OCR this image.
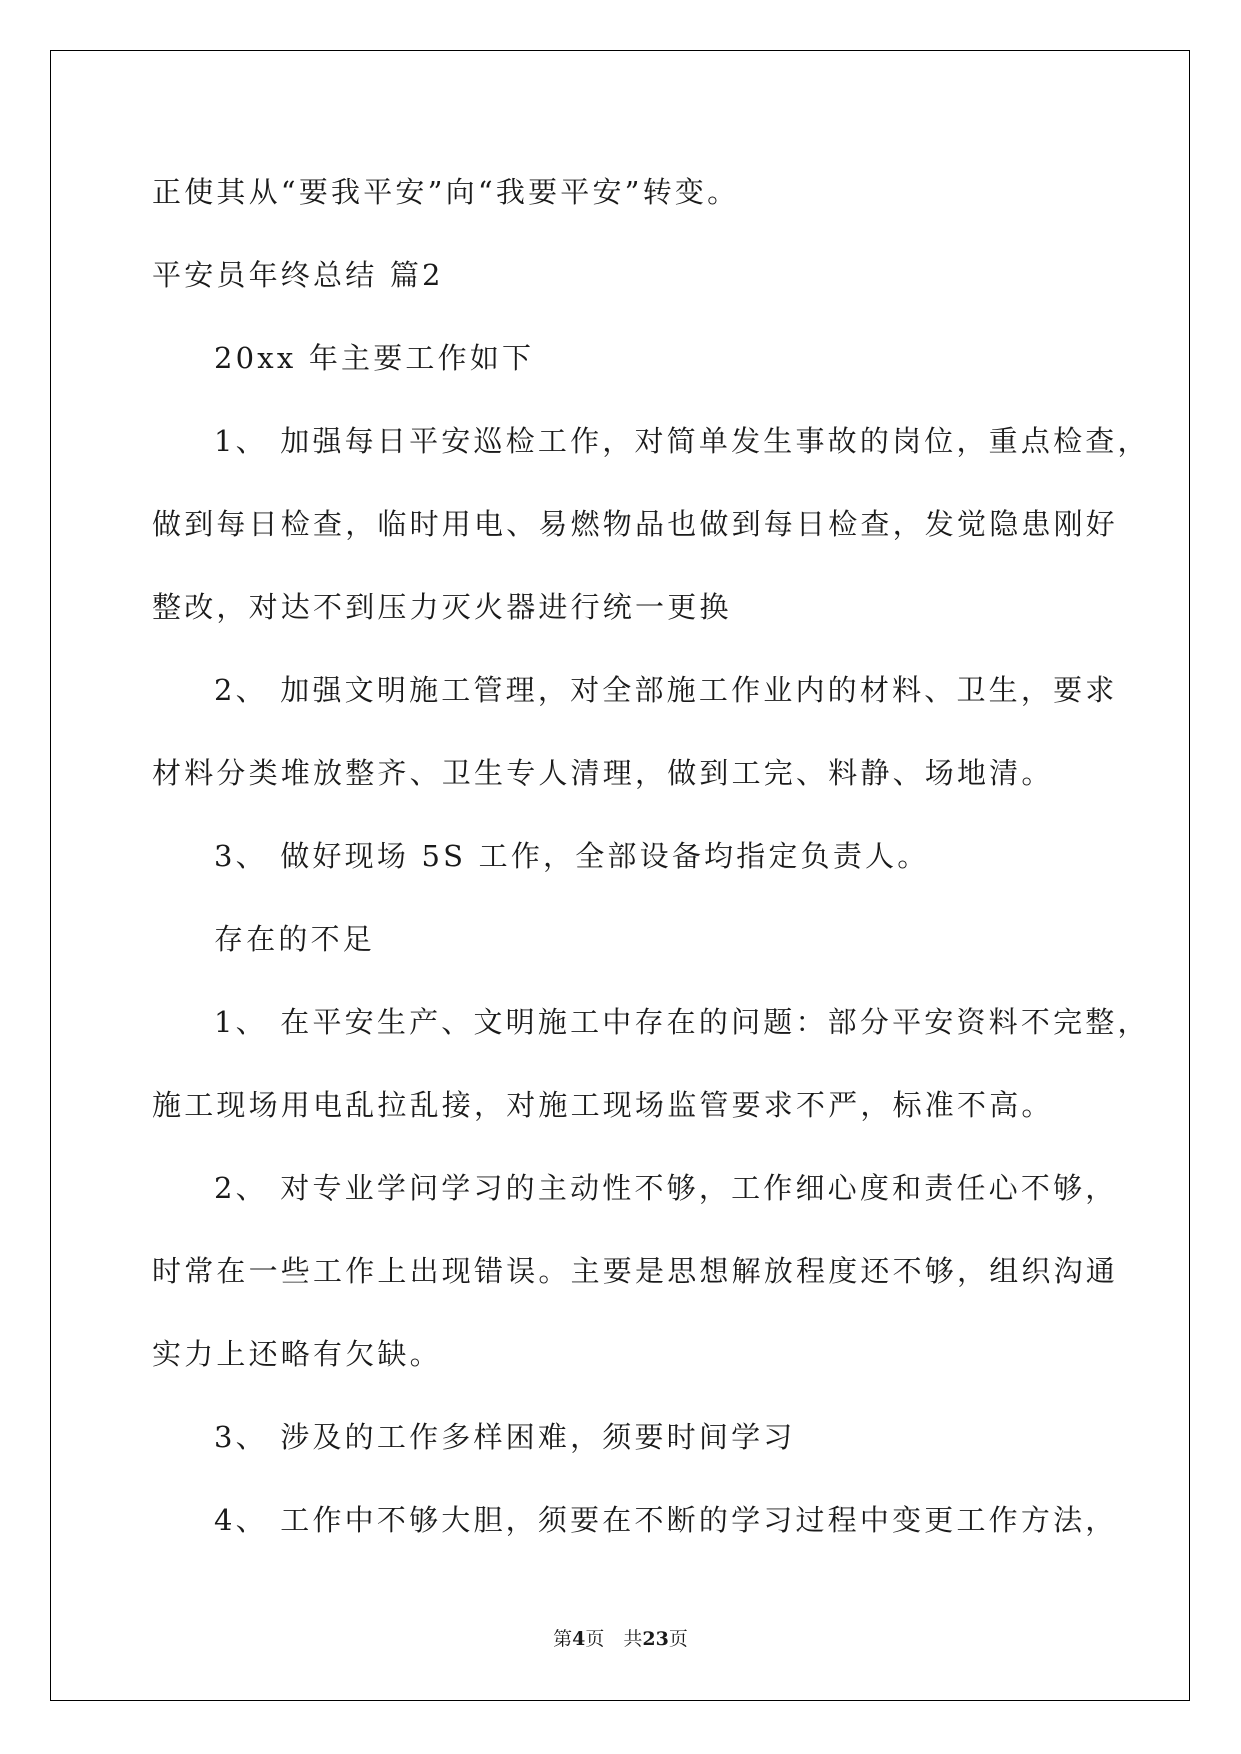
正使其从“要我平安”向“我要平安”转变。

平安员年终总结 篇2

20xx 年主要工作如下

1、 加强每日平安巡检工作，对简单发生事故的岗位，重点检查，

做到每日检查，临时用电、易燃物品也做到每日检查，发觉隐患刚好

整改，对达不到压力灭火器进行统一更换

2、 加强文明施工管理，对全部施工作业内的材料、卫生，要求

材料分类堆放整齐、卫生专人清理，做到工完、料静、场地清。

3、 做好现场 5S 工作，全部设备均指定负责人。

存在的不足

1、 在平安生产、文明施工中存在的问题：部分平安资料不完整，

施工现场用电乱拉乱接，对施工现场监管要求不严，标准不高。

2、 对专业学问学习的主动性不够，工作细心度和责任心不够，

时常在一些工作上出现错误。主要是思想解放程度还不够，组织沟通

实力上还略有欠缺。

3、 涉及的工作多样困难，须要时间学习

4、 工作中不够大胆，须要在不断的学习过程中变更工作方法，

第4页　共23页
